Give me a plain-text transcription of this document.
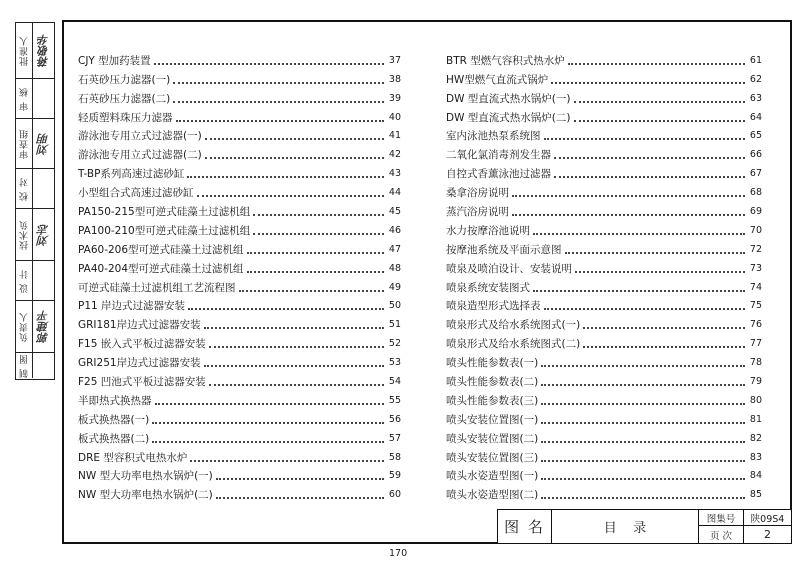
批准人 蒋敬华
审 核
审查组 刘明
校 对
技术负 刘志
设 计
负责人 郭建平
制 图
CJY 型加药装置	37
石英砂压力滤器(一)	38
石英砂压力滤器(二)	39
轻质塑料珠压力滤器	40
游泳池专用立式过滤器(一)	41
游泳池专用立式过滤器(二)	42
T-BP系列高速过滤砂缸	43
小型组合式高速过滤砂缸	44
PA150-215型可逆式硅藻土过滤机组	45
PA100-210型可逆式硅藻土过滤机组	46
PA60-206型可逆式硅藻土过滤机组	47
PA40-204型可逆式硅藻土过滤机组	48
可逆式硅藻土过滤机组工艺流程图	49
P11 岸边式过滤器安装	50
GRI181岸边式过滤器安装	51
F15 嵌入式平板过滤器安装	52
GRI251岸边式过滤器安装	53
F25 凹池式平板过滤器安装	54
半即热式换热器	55
板式换热器(一)	56
板式换热器(二)	57
DRE 型容积式电热水炉	58
NW 型大功率电热水锅炉(一)	59
NW 型大功率电热水锅炉(二)	60
BTR 型燃气容积式热水炉	61
HW型燃气直流式锅炉	62
DW 型直流式热水锅炉(一)	63
DW 型直流式热水锅炉(二)	64
室内泳池热泵系统图	65
二氧化氯消毒剂发生器	66
自控式香薰泳池过滤器	67
桑拿浴房说明	68
蒸汽浴房说明	69
水力按摩浴池说明	70
按摩池系统及平面示意图	72
喷泉及喷泊设计、安装说明	73
喷泉系统安装图式	74
喷泉造型形式选择表	75
喷泉形式及给水系统图式(一)	76
喷泉形式及给水系统图式(二)	77
喷头性能参数表(一)	78
喷头性能参数表(二)	79
喷头性能参数表(三)	80
喷头安装位置图(一)	81
喷头安装位置图(二)	82
喷头安装位置图(三)	83
喷头水姿造型图(一)	84
喷头水姿造型图(二)	85
图 名	目    录
图集号 陕09S4
页 次	2
170
